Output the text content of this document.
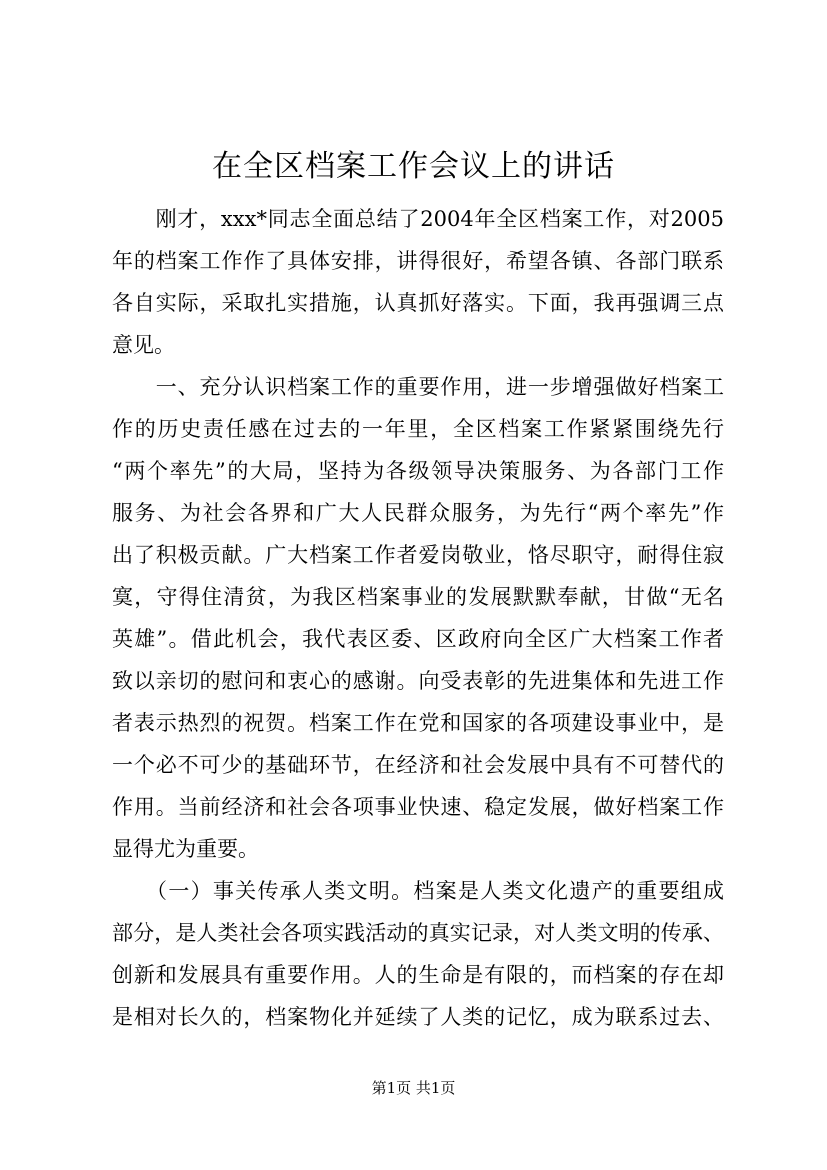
在全区档案工作会议上的讲话
　　刚才，xxx*同志全面总结了2004年全区档案工作，对2005
年的档案工作作了具体安排，讲得很好，希望各镇、各部门联系
各自实际，采取扎实措施，认真抓好落实。下面，我再强调三点
意见。
　　一、充分认识档案工作的重要作用，进一步增强做好档案工
作的历史责任感在过去的一年里，全区档案工作紧紧围绕先行
“两个率先”的大局，坚持为各级领导决策服务、为各部门工作
服务、为社会各界和广大人民群众服务，为先行“两个率先”作
出了积极贡献。广大档案工作者爱岗敬业，恪尽职守，耐得住寂
寞，守得住清贫，为我区档案事业的发展默默奉献，甘做“无名
英雄”。借此机会，我代表区委、区政府向全区广大档案工作者
致以亲切的慰问和衷心的感谢。向受表彰的先进集体和先进工作
者表示热烈的祝贺。档案工作在党和国家的各项建设事业中，是
一个必不可少的基础环节，在经济和社会发展中具有不可替代的
作用。当前经济和社会各项事业快速、稳定发展，做好档案工作
显得尤为重要。
　　（一）事关传承人类文明。档案是人类文化遗产的重要组成
部分，是人类社会各项实践活动的真实记录，对人类文明的传承、
创新和发展具有重要作用。人的生命是有限的，而档案的存在却
是相对长久的，档案物化并延续了人类的记忆，成为联系过去、
第1页 共1页
